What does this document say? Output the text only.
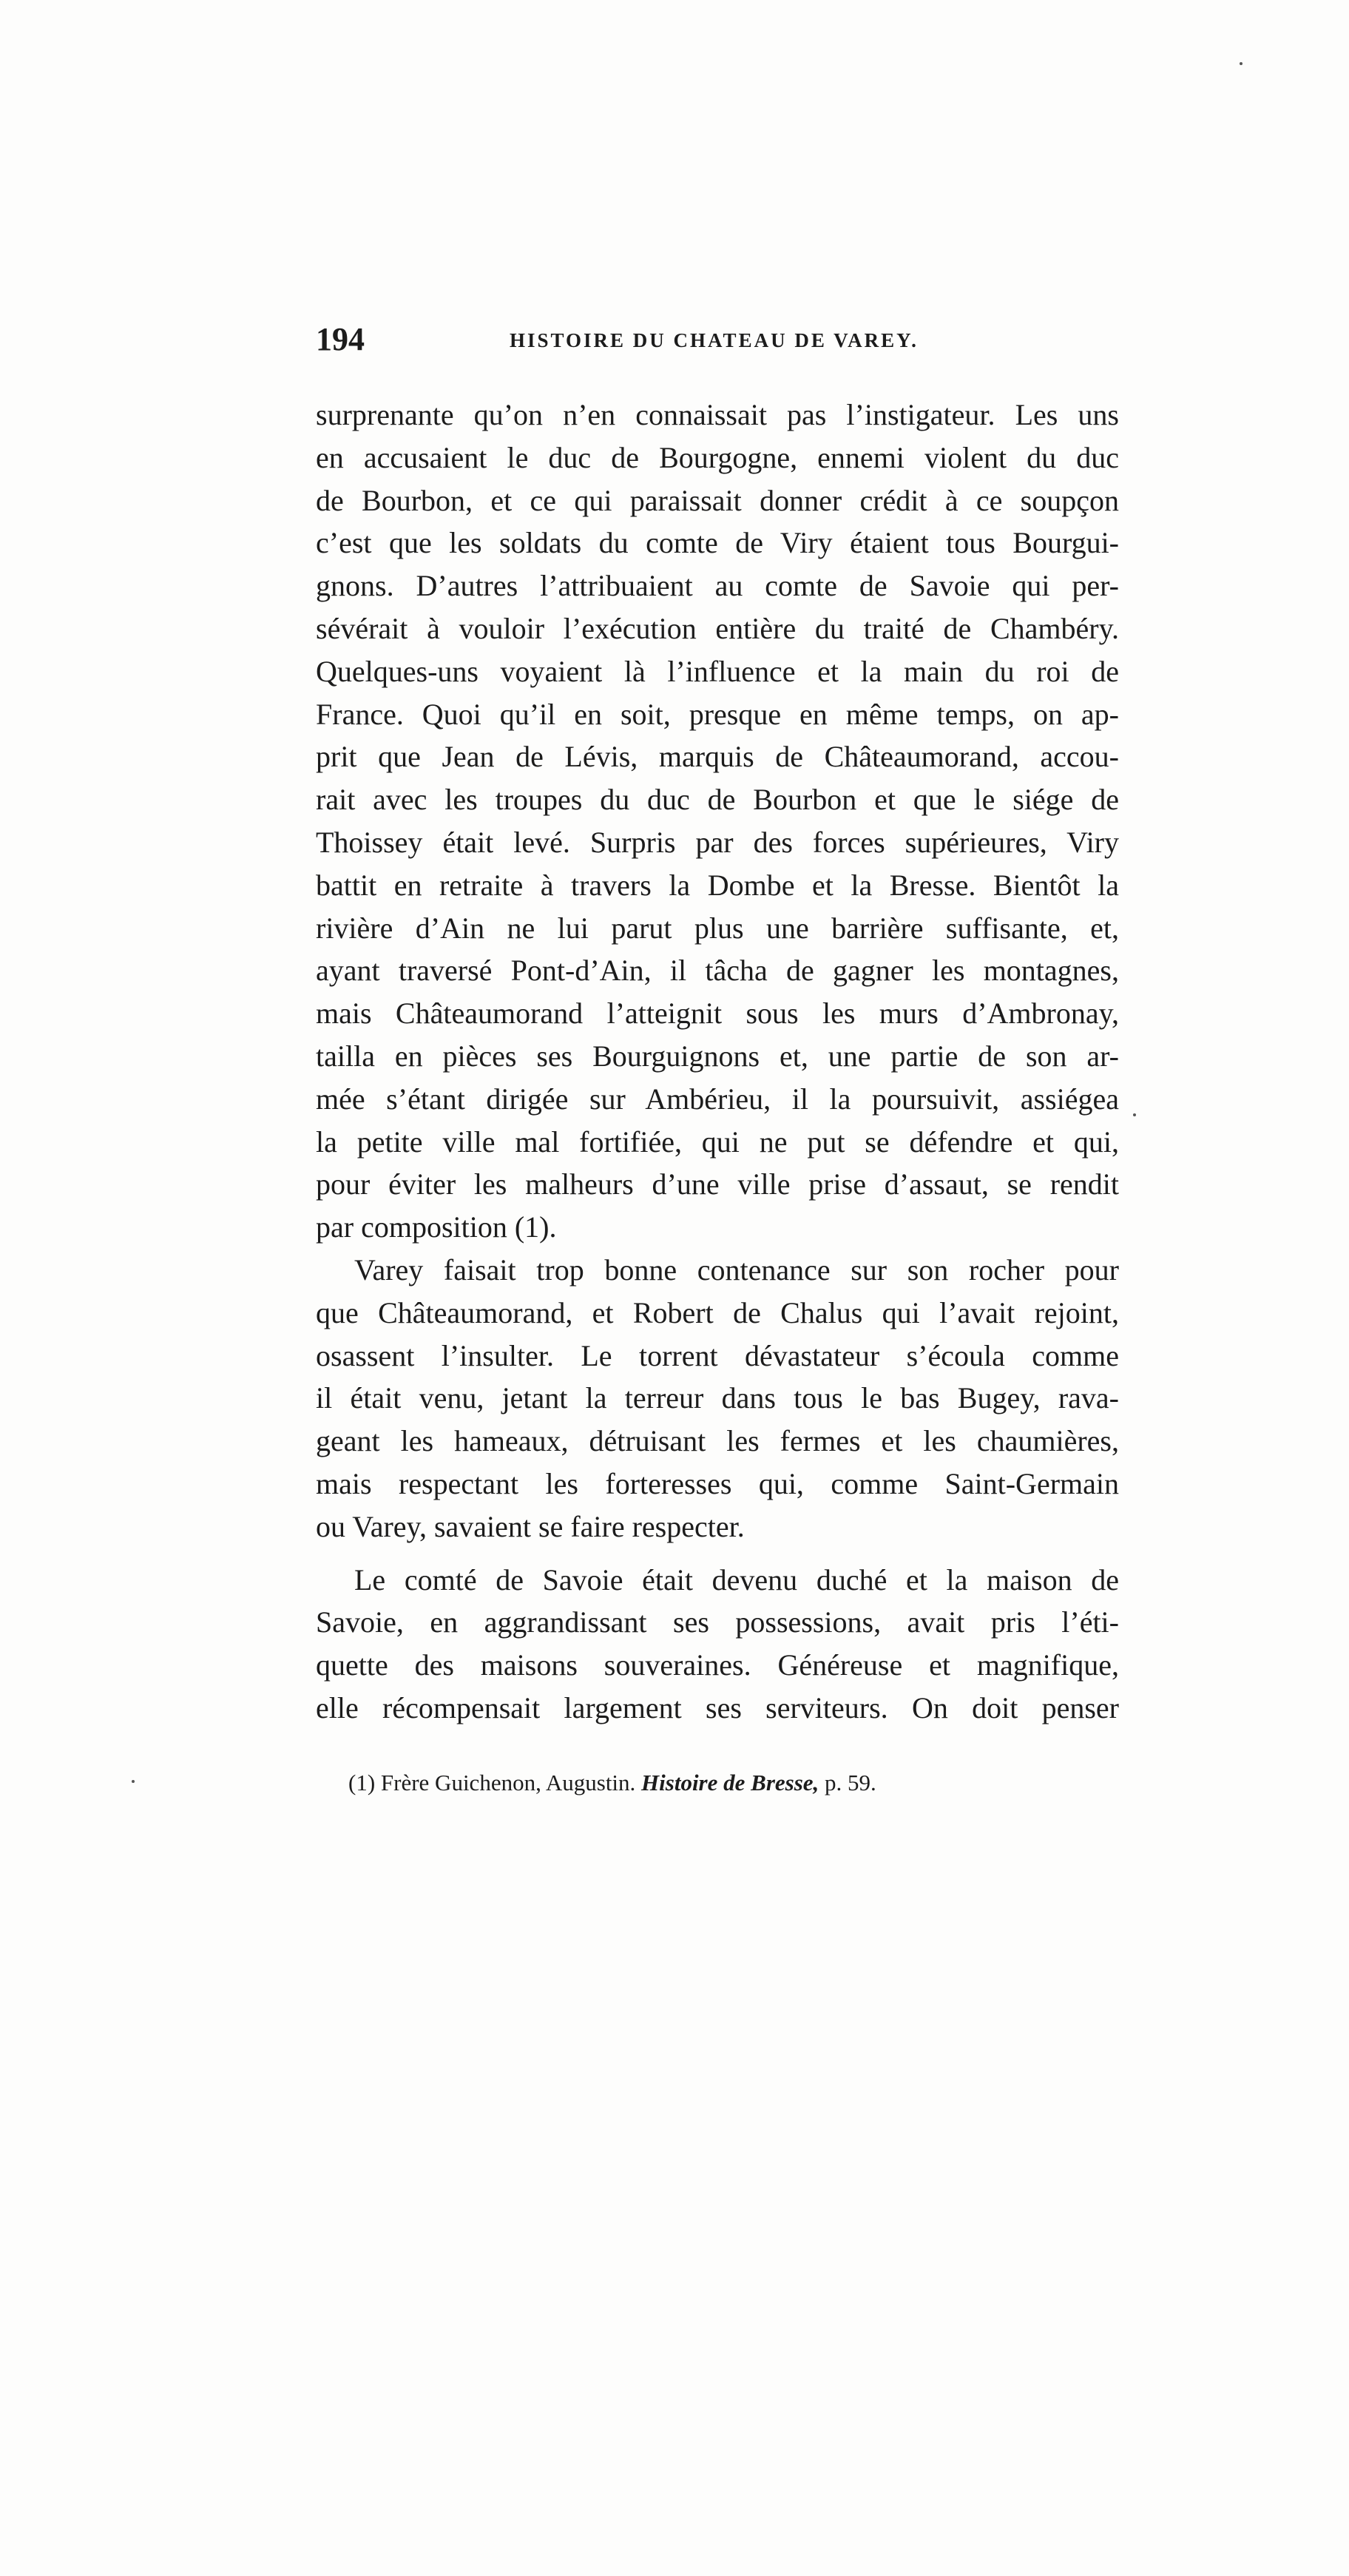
194	HISTOIRE DU CHATEAU DE VAREY.
surprenante qu’on n’en connaissait pas l’instigateur. Les uns
en accusaient le duc de Bourgogne, ennemi violent du duc
de Bourbon, et ce qui paraissait donner crédit à ce soupçon
c’est que les soldats du comte de Viry étaient tous Bourgui-
gnons. D’autres l’attribuaient au comte de Savoie qui per-
sévérait à vouloir l’exécution entière du traité de Chambéry.
Quelques-uns voyaient là l’influence et la main du roi de
France. Quoi qu’il en soit, presque en même temps, on ap-
prit que Jean de Lévis, marquis de Châteaumorand, accou-
rait avec les troupes du duc de Bourbon et que le siége de
Thoissey était levé. Surpris par des forces supérieures, Viry
battit en retraite à travers la Dombe et la Bresse. Bientôt la
rivière d’Ain ne lui parut plus une barrière suffisante, et,
ayant traversé Pont-d’Ain, il tâcha de gagner les montagnes,
mais Châteaumorand l’atteignit sous les murs d’Ambronay,
tailla en pièces ses Bourguignons et, une partie de son ar-
mée s’étant dirigée sur Ambérieu, il la poursuivit, assiégea
la petite ville mal fortifiée, qui ne put se défendre et qui,
pour éviter les malheurs d’une ville prise d’assaut, se rendit
par composition (1).
Varey faisait trop bonne contenance sur son rocher pour
que Châteaumorand, et Robert de Chalus qui l’avait rejoint,
osassent l’insulter. Le torrent dévastateur s’écoula comme
il était venu, jetant la terreur dans tous le bas Bugey, rava-
geant les hameaux, détruisant les fermes et les chaumières,
mais respectant les forteresses qui, comme Saint-Germain
ou Varey, savaient se faire respecter.
Le comté de Savoie était devenu duché et la maison de
Savoie, en aggrandissant ses possessions, avait pris l’éti-
quette des maisons souveraines. Généreuse et magnifique,
elle récompensait largement ses serviteurs. On doit penser
(1) Frère Guichenon, Augustin. Histoire de Bresse, p. 59.
